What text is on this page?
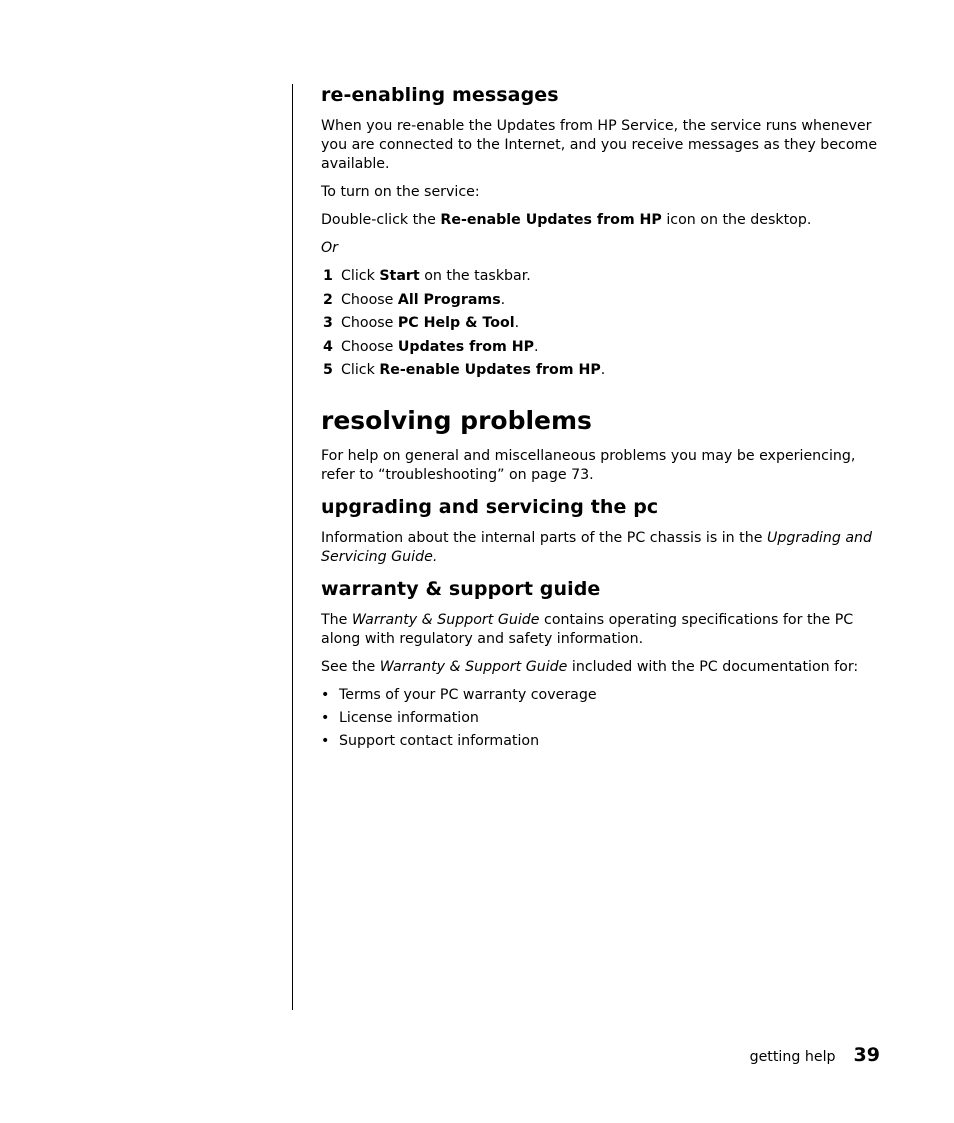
re-enabling messages

When you re-enable the Updates from HP Service, the service runs whenever you are connected to the Internet, and you receive messages as they become available.

To turn on the service:

Double-click the Re-enable Updates from HP icon on the desktop.

Or

1 Click Start on the taskbar.
2 Choose All Programs.
3 Choose PC Help & Tool.
4 Choose Updates from HP.
5 Click Re-enable Updates from HP.
resolving problems

For help on general and miscellaneous problems you may be experiencing, refer to “troubleshooting” on page 73.

upgrading and servicing the pc

Information about the internal parts of the PC chassis is in the Upgrading and Servicing Guide.

warranty & support guide

The Warranty & Support Guide contains operating specifications for the PC along with regulatory and safety information.

See the Warranty & Support Guide included with the PC documentation for:

• Terms of your PC warranty coverage
• License information
• Support contact information
getting help 39
